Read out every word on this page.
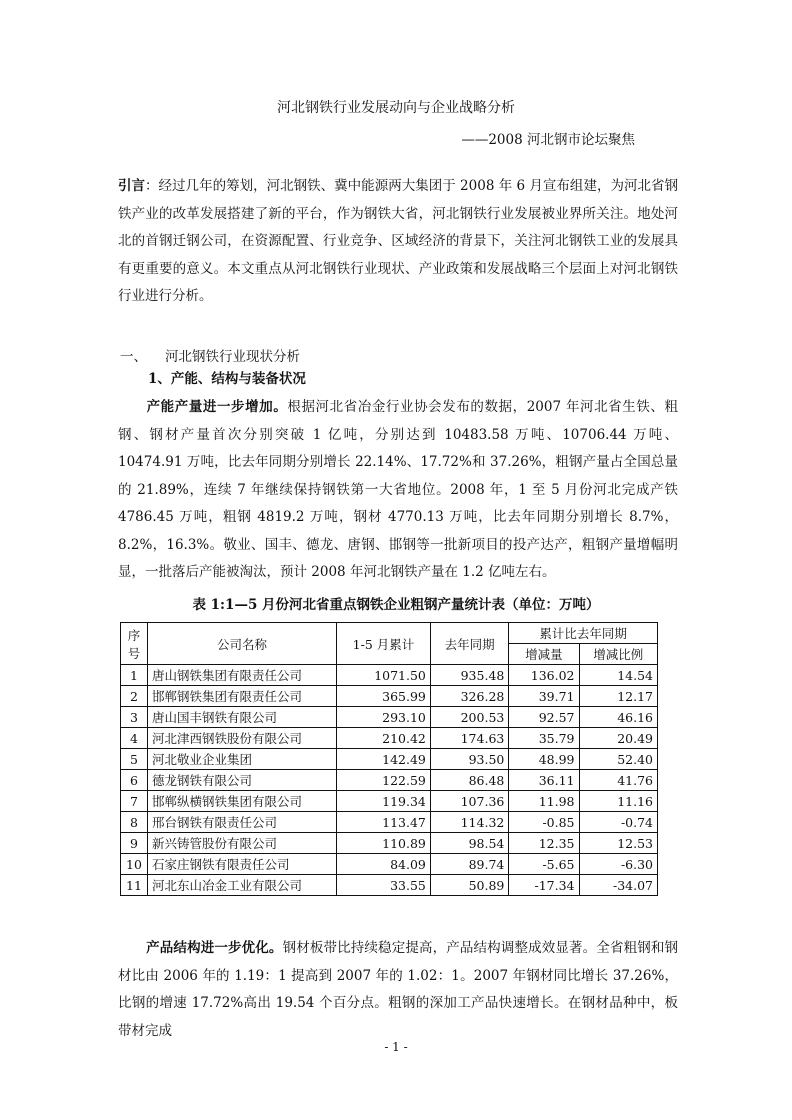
河北钢铁行业发展动向与企业战略分析
——2008 河北钢市论坛聚焦
引言：经过几年的筹划，河北钢铁、冀中能源两大集团于 2008 年 6 月宣布组建，为河北省钢铁产业的改革发展搭建了新的平台，作为钢铁大省，河北钢铁行业发展被业界所关注。地处河北的首钢迁钢公司，在资源配置、行业竞争、区域经济的背景下，关注河北钢铁工业的发展具有更重要的意义。本文重点从河北钢铁行业现状、产业政策和发展战略三个层面上对河北钢铁行业进行分析。
一、 河北钢铁行业现状分析
1、产能、结构与装备状况
产能产量进一步增加。根据河北省冶金行业协会发布的数据，2007 年河北省生铁、粗钢、钢材产量首次分别突破 1 亿吨，分别达到 10483.58 万吨、10706.44 万吨、10474.91 万吨，比去年同期分别增长 22.14%、17.72%和 37.26%，粗钢产量占全国总量的 21.89%，连续 7 年继续保持钢铁第一大省地位。2008 年，1 至 5 月份河北完成产铁 4786.45 万吨，粗钢 4819.2 万吨，钢材 4770.13 万吨，比去年同期分别增长 8.7%，8.2%，16.3%。敬业、国丰、德龙、唐钢、邯钢等一批新项目的投产达产，粗钢产量增幅明显，一批落后产能被淘汰，预计 2008 年河北钢铁产量在 1.2 亿吨左右。
表 1:1—5 月份河北省重点钢铁企业粗钢产量统计表（单位：万吨）
序
号	公司名称	1-5 月累计	去年同期	累计比去年同期	
				增减量	增减比例
1	唐山钢铁集团有限责任公司	1071.50	935.48	136.02	14.54
2	邯郸钢铁集团有限责任公司	365.99	326.28	39.71	12.17
3	唐山国丰钢铁有限公司	293.10	200.53	92.57	46.16
4	河北津西钢铁股份有限公司	210.42	174.63	35.79	20.49
5	河北敬业企业集团	142.49	93.50	48.99	52.40
6	德龙钢铁有限公司	122.59	86.48	36.11	41.76
7	邯郸纵横钢铁集团有限公司	119.34	107.36	11.98	11.16
8	邢台钢铁有限责任公司	113.47	114.32	-0.85	-0.74
9	新兴铸管股份有限公司	110.89	98.54	12.35	12.53
10	石家庄钢铁有限责任公司	84.09	89.74	-5.65	-6.30
11	河北东山冶金工业有限公司	33.55	50.89	-17.34	-34.07
产品结构进一步优化。钢材板带比持续稳定提高，产品结构调整成效显著。全省粗钢和钢材比由 2006 年的 1.19：1 提高到 2007 年的 1.02：1。2007 年钢材同比增长 37.26%，比钢的增速 17.72%高出 19.54 个百分点。粗钢的深加工产品快速增长。在钢材品种中，板带材完成
- 1 -
